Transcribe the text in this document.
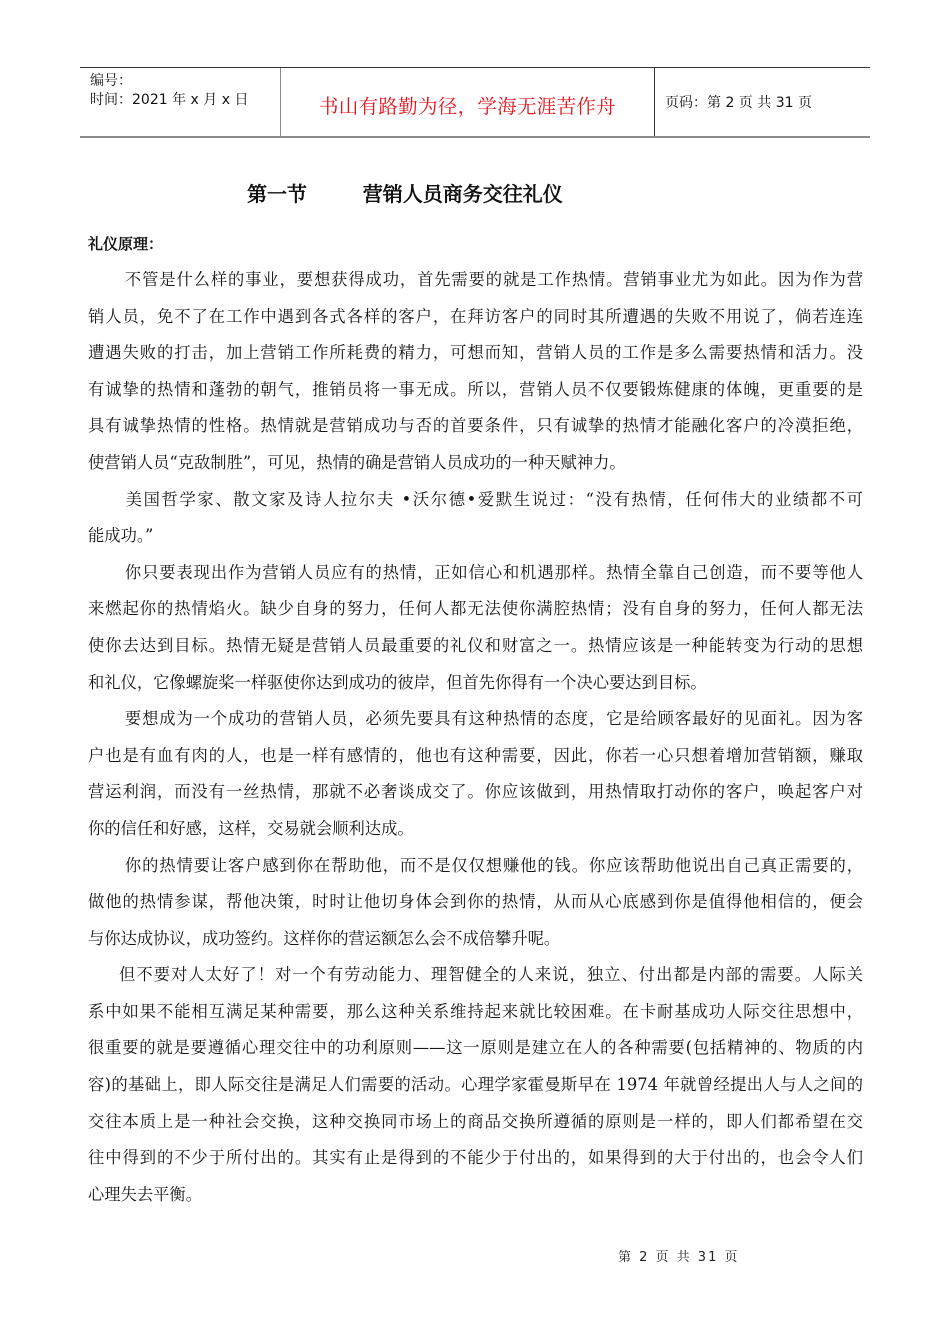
编号：
时间：2021 年 x 月 x 日	书山有路勤为径，学海无涯苦作舟	页码：第 2 页 共 31 页
第一节        营销人员商务交往礼仪
礼仪原理：
不管是什么样的事业，要想获得成功，首先需要的就是工作热情。营销事业尤为如此。因为作为营
销人员，免不了在工作中遇到各式各样的客户，在拜访客户的同时其所遭遇的失败不用说了，倘若连连
遭遇失败的打击，加上营销工作所耗费的精力，可想而知，营销人员的工作是多么需要热情和活力。没
有诚挚的热情和蓬勃的朝气，推销员将一事无成。所以，营销人员不仅要锻炼健康的体魄，更重要的是
具有诚挚热情的性格。热情就是营销成功与否的首要条件，只有诚挚的热情才能融化客户的冷漠拒绝，
使营销人员“克敌制胜”，可见，热情的确是营销人员成功的一种天赋神力。
美国哲学家、散文家及诗人拉尔夫 •沃尔德•爱默生说过：“没有热情，任何伟大的业绩都不可
能成功。”
你只要表现出作为营销人员应有的热情，正如信心和机遇那样。热情全靠自己创造，而不要等他人
来燃起你的热情焰火。缺少自身的努力，任何人都无法使你满腔热情；没有自身的努力，任何人都无法
使你去达到目标。热情无疑是营销人员最重要的礼仪和财富之一。热情应该是一种能转变为行动的思想
和礼仪，它像螺旋桨一样驱使你达到成功的彼岸，但首先你得有一个决心要达到目标。
要想成为一个成功的营销人员，必须先要具有这种热情的态度，它是给顾客最好的见面礼。因为客
户也是有血有肉的人，也是一样有感情的，他也有这种需要，因此，你若一心只想着增加营销额，赚取
营运利润，而没有一丝热情，那就不必奢谈成交了。你应该做到，用热情取打动你的客户，唤起客户对
你的信任和好感，这样，交易就会顺利达成。
你的热情要让客户感到你在帮助他，而不是仅仅想赚他的钱。你应该帮助他说出自己真正需要的，
做他的热情参谋，帮他决策，时时让他切身体会到你的热情，从而从心底感到你是值得他相信的，便会
与你达成协议，成功签约。这样你的营运额怎么会不成倍攀升呢。
但不要对人太好了！对一个有劳动能力、理智健全的人来说，独立、付出都是内部的需要。人际关
系中如果不能相互满足某种需要，那么这种关系维持起来就比较困难。在卡耐基成功人际交往思想中，
很重要的就是要遵循心理交往中的功利原则——这一原则是建立在人的各种需要(包括精神的、物质的内
容)的基础上，即人际交往是满足人们需要的活动。心理学家霍曼斯早在 1974 年就曾经提出人与人之间的
交往本质上是一种社会交换，这种交换同市场上的商品交换所遵循的原则是一样的，即人们都希望在交
往中得到的不少于所付出的。其实有止是得到的不能少于付出的，如果得到的大于付出的，也会令人们
心理失去平衡。
第 2 页 共 31 页
